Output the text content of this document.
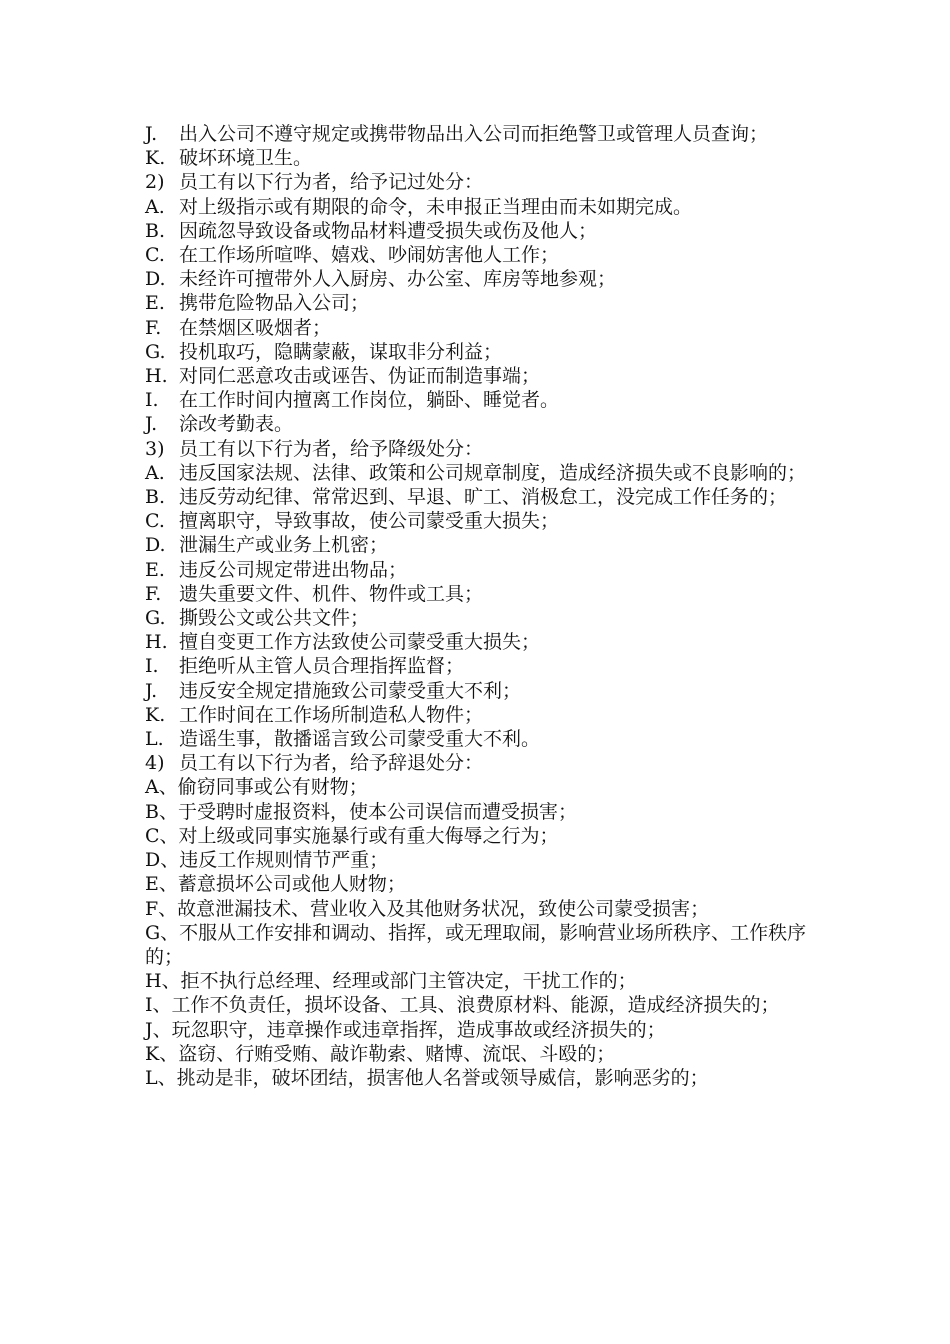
J.	出入公司不遵守规定或携带物品出入公司而拒绝警卫或管理人员查询；
K. 破坏环境卫生。
2) 员工有以下行为者，给予记过处分：
A. 对上级指示或有期限的命令，未申报正当理由而未如期完成。
B. 因疏忽导致设备或物品材料遭受损失或伤及他人；
C. 在工作场所喧哗、嬉戏、吵闹妨害他人工作；
D. 未经许可擅带外人入厨房、办公室、库房等地参观；
E. 携带危险物品入公司；
F. 在禁烟区吸烟者；
G. 投机取巧，隐瞒蒙蔽，谋取非分利益；
H. 对同仁恶意攻击或诬告、伪证而制造事端；
I.	在工作时间内擅离工作岗位，躺卧、睡觉者。
J.	涂改考勤表。
3) 员工有以下行为者，给予降级处分：
A. 违反国家法规、法律、政策和公司规章制度，造成经济损失或不良影响的；
B. 违反劳动纪律、常常迟到、早退、旷工、消极怠工，没完成工作任务的；
C. 擅离职守，导致事故，使公司蒙受重大损失；
D. 泄漏生产或业务上机密；
E. 违反公司规定带进出物品；
F. 遗失重要文件、机件、物件或工具；
G. 撕毁公文或公共文件；
H. 擅自变更工作方法致使公司蒙受重大损失；
I.	拒绝听从主管人员合理指挥监督；
J.	违反安全规定措施致公司蒙受重大不利；
K. 工作时间在工作场所制造私人物件；
L. 造谣生事，散播谣言致公司蒙受重大不利。
4) 员工有以下行为者，给予辞退处分：
A、偷窃同事或公有财物；
B、于受聘时虚报资料，使本公司误信而遭受损害；
C、对上级或同事实施暴行或有重大侮辱之行为；
D、违反工作规则情节严重；
E、蓄意损坏公司或他人财物；
F、故意泄漏技术、营业收入及其他财务状况，致使公司蒙受损害；
G、不服从工作安排和调动、指挥，或无理取闹，影响营业场所秩序、工作秩序的；
H、拒不执行总经理、经理或部门主管决定，干扰工作的；
I、工作不负责任，损坏设备、工具、浪费原材料、能源，造成经济损失的；
J、玩忽职守，违章操作或违章指挥，造成事故或经济损失的；
K、盗窃、行贿受贿、敲诈勒索、赌博、流氓、斗殴的；
L、挑动是非，破坏团结，损害他人名誉或领导威信，影响恶劣的；
